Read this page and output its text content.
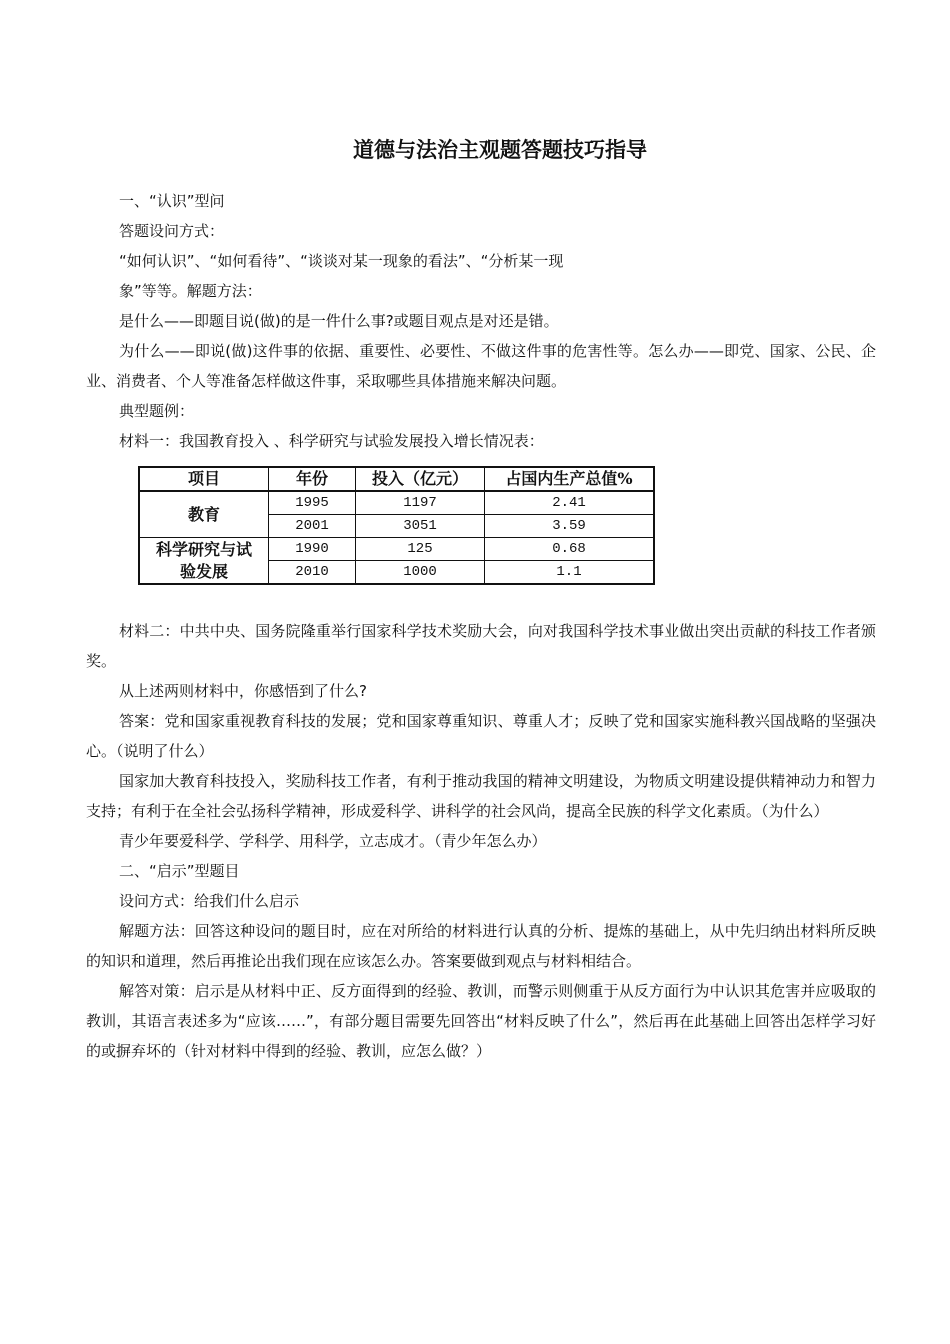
道德与法治主观题答题技巧指导

一、“认识”型问

答题设问方式：

“如何认识”、“如何看待”、“谈谈对某一现象的看法”、“分析某一现

象”等等。解题方法：

是什么——即题目说(做)的是一件什么事?或题目观点是对还是错。

为什么——即说(做)这件事的依据、重要性、必要性、不做这件事的危害性等。怎么办——即党、国家、公民、企业、消费者、个人等准备怎样做这件事，采取哪些具体措施来解决问题。

典型题例：

材料一：我国教育投入 、科学研究与试验发展投入增长情况表：

项目	年份	投入（亿元）	占国内生产总值%
教育	1995	1197	2.41
	2001	3051	3.59

科学研究与试
验发展	1990	125	0.68
	2010	1000	1.1

材料二：中共中央、国务院隆重举行国家科学技术奖励大会，向对我国科学技术事业做出突出贡献的科技工作者颁奖。

从上述两则材料中，你感悟到了什么?

答案：党和国家重视教育科技的发展；党和国家尊重知识、尊重人才；反映了党和国家实施科教兴国战略的坚强决心。（说明了什么）

国家加大教育科技投入，奖励科技工作者，有利于推动我国的精神文明建设，为物质文明建设提供精神动力和智力支持；有利于在全社会弘扬科学精神，形成爱科学、讲科学的社会风尚，提高全民族的科学文化素质。（为什么）

青少年要爱科学、学科学、用科学，立志成才。（青少年怎么办）

二、“启示”型题目

设问方式：给我们什么启示

解题方法：回答这种设问的题目时，应在对所给的材料进行认真的分析、提炼的基础上，从中先归纳出材料所反映的知识和道理，然后再推论出我们现在应该怎么办。答案要做到观点与材料相结合。

解答对策：启示是从材料中正、反方面得到的经验、教训，而警示则侧重于从反方面行为中认识其危害并应吸取的教训，其语言表述多为“应该……”，有部分题目需要先回答出“材料反映了什么”，然后再在此基础上回答出怎样学习好的或摒弃坏的（针对材料中得到的经验、教训，应怎么做？）
